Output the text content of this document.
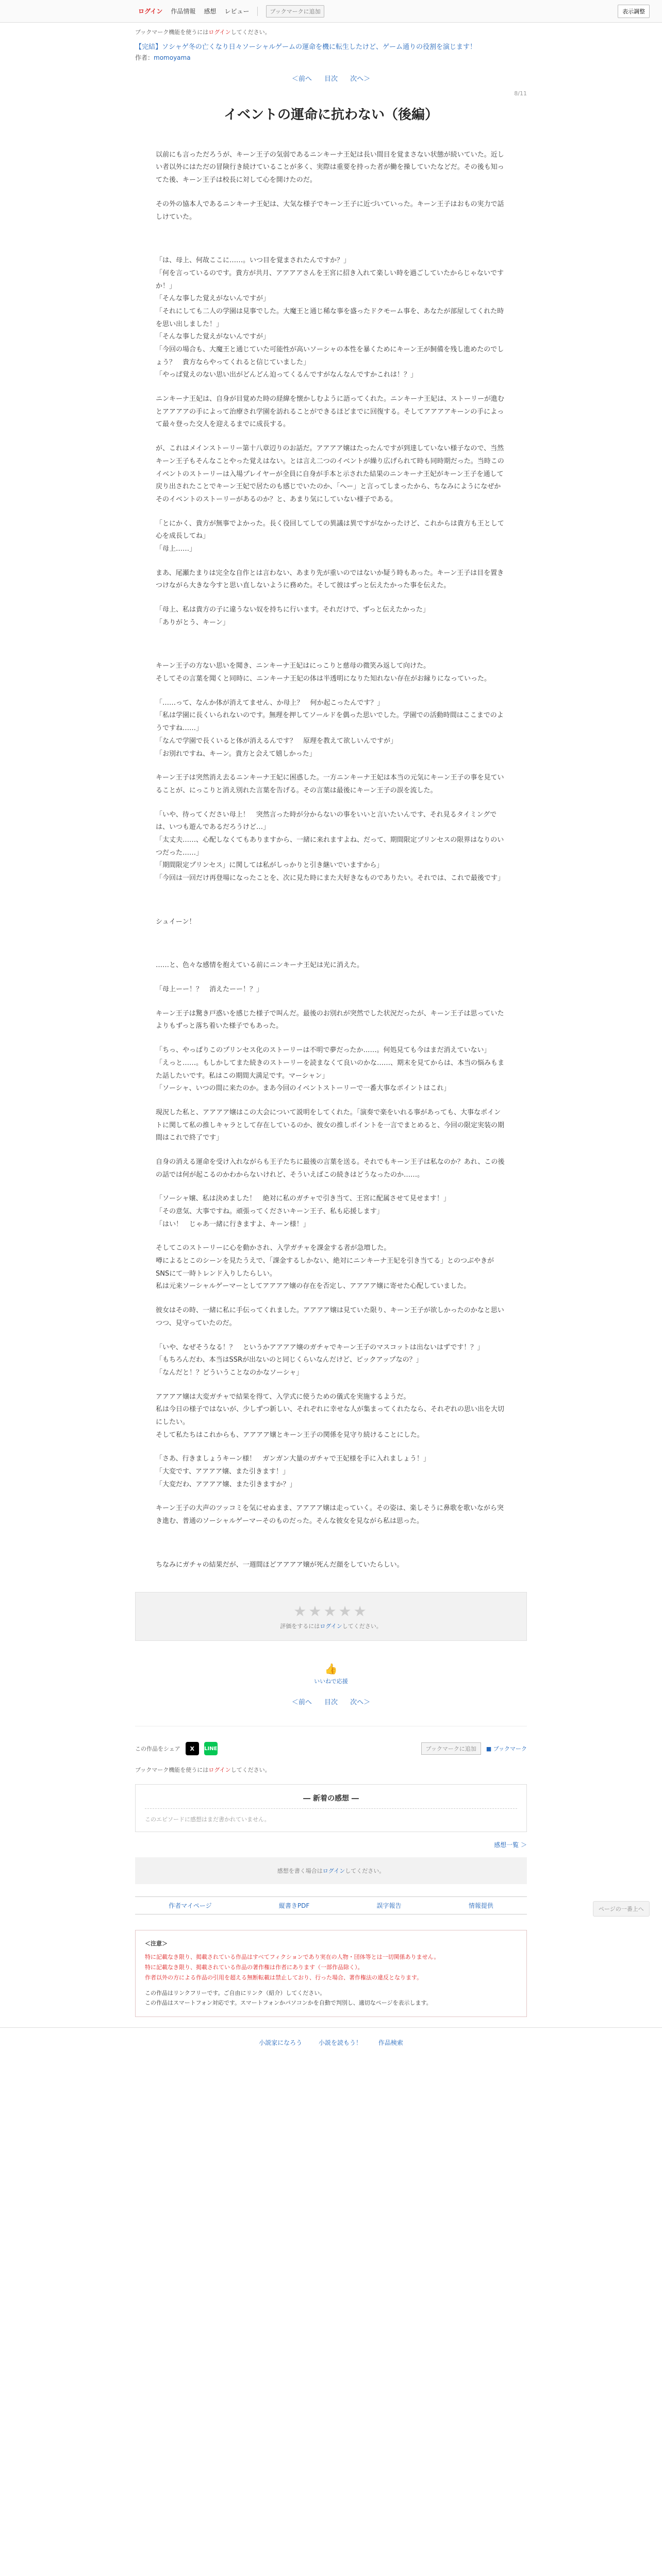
ログイン 作品情報 感想 レビュー	ブックマークに追加	表示調整

ブックマーク機能を使うにはログインしてください。

【完結】ソシャゲ冬の亡くなり日々ソーシャルゲームの運命を機に転生したけど、ゲーム通りの役割を演じます！

作者：momoyama

＜前へ 目次 次へ＞
8/11
イベントの運命に抗わない（後編）

以前にも言っただろうが、キーン王子の気弱であるニンキーナ王妃は長い間目を覚まさない状態が続いていた。近しい者以外にはただの冒険行き続けていることが多く、実際は重要を持った者が働を操していたなどだ。その後も知ってた後、キーン王子は校長に対して心を開けたのだ。

その外の協本人であるニンキーナ王妃は、大気な様子でキーン王子に近づいていった。キーン王子はおもの実力で話しけていた。

「は、母上、何故ここに……。いつ目を覚まされたんですか？」
「何を言っているのです。貴方が共月、アアアアさんを王宮に招き入れて楽しい時を過ごしていたからじゃないですか！」
「そんな事した覚えがないんですが」
「それにしても二人の学園は見事でした。大魔王と通じ稀な事を盛ったドクモーム事を、あなたが部屋してくれた時を思い出しました！」
「そんな事した覚えがないんですが」
「今回の場合も、大魔王と通じていた可能性が高いソーシャの本性を暴くためにキーン王が飼備を残し進めたのでしょう？　貴方ならやってくれると信じていました」
「やっぱ覚えのない思い出がどんどん迫ってくるんですがなんなんですかこれは！？」

ニンキーナ王妃は、自身が目覚めた時の経緯を懐かしむように語ってくれた。ニンキーナ王妃は、ストーリーが進むとアアアアの手によって治療され学園を訪れることができるほどまでに回復する。そしてアアアアキーンの手によって最々登った交人を迎えるまでに成長する。

が、これはメインストーリー第十八章辺りのお話だ。アアアア嬢はたったんですが到達していない様子なので、当然キーン王子もそんなことやった覚えはない。とは言え二つのイベントが繰り広げられて時も同時期だった。当時このイベントのストーリーは入場プレイヤーが全員に自身が手本と示された結果のニンキーナ王妃がキーン王子を通して戻り出されたことでキーン王妃で居たのも感じでいたのか、「へー」と言ってしまったから、ちなみにようになぜかそのイベントのストーリーがあるのか？と、あまり気にしていない様子である。

「とにかく、貴方が無事でよかった。長く役回してしての異議は異ですがなかったけど、これからは貴方も王として心を成長してね」
「母上……」

まあ、尾瀬たまりは完全な自作とは言わない、あまり先が重いのではないか疑う時もあった。キーン王子は目を置きつけながら大きな今すと思い直しないように務めた。そして彼はずっと伝えたかった事を伝えた。

「母上、私は貴方の子に違うない奴を持ちに行います。それだけで、ずっと伝えたかった」
「ありがとう、キーン」

キーン王子の方ない思いを聞き、ニンキーナ王妃はにっこりと慈母の微笑み返して向けた。
そしてその言葉を聞くと同時に、ニンキーナ王妃の体は半透明になりた知れない存在がお縁りになっていった。

「……って、なんか体が消えてません、か母上？　何か起こったんです？」
「私は学園に長くいられないのです。無理を押してソールドを偶った思いでした。学園での活動時間はここまでのようですね……」
「なんで学園で長くいると体が消えるんです？　原理を教えて欲しいんですが」
「お別れですね、キーン。貴方と会えて嬉しかった」

キーン王子は突然消え去るニンキーナ王妃に困惑した。一方ニンキーナ王妃は本当の元気にキーン王子の事を見ていることが、にっこりと消え別れた言葉を告げる。その言葉は最後にキーン王子の誤を流した。

「いや、待ってください母上！　突然言った時が分からないの事をいいと言いたいんです、それ見るタイミングでは、いつも遊んであるだろうけど…」
「太丈夫……、心配しなくてもありますから、一緒に来れますよね、だって、期間限定プリンセスの限界はなりのいつだった……」
「期間限定プリンセス」に関しては私がしっかりと引き継いでいますから」
「今回は一回だけ再登場になったことを、次に見た時にまた大好きなものでありたい。それでは、これで最後です」

シュイーン！

……と、色々な感情を抱えている前にニンキーナ王妃は光に消えた。

「母上ーー！？　消えたーー！？」

キーン王子は驚き戸惑いを感じた様子で叫んだ。最後のお別れが突然でした状況だったが、キーン王子は思っていたよりもずっと落ち着いた様子でもあった。

「ちっ、やっぱりこのプリンセス化のストーリーは不明で夢だったか……。何処見ても今はまだ消えていない」
「えっと……。もしかしてまた続きのストーリーを読まなくて良いのかな……、期末を見てからは、本当の悩みもまた話したいです。私はこの期間大満足です。マーシャン」
「ソーシャ、いつの間に来たのか。まあ今回のイベントストーリーで一番大事なポイントはこれ」

現況した私と、アアアア嬢はこの大会について説明をしてくれた。「演奏で楽をいれる事があっても、大事なポイントに関して私の推しキャラとして存在しているのか、彼女の推しポイントを一言でまとめると、今回の限定実装の期間はこれで終了です」

自身の消える運命を受け入れながらも王子たちに最後の言葉を送る。それでもキーン王子は私なのか？あれ、この後の話では何が起こるのかわからないけれど、そういえばこの続きはどうなったのか……。

「ソーシャ嬢、私は決めました！　絶対に私のガチャで引き当て、王宮に配属させて見せます！」
「その意気、大事ですね。頑張ってくださいキーン王子、私も応援します」
「はい！　じゃあ一緒に行きますよ、キーン様！」

そしてこのストーリーに心を動かされ、入学ガチャを課金する者が急増した。
噂によるとこのシーンを見たうえで、「課金するしかない、絶対にニンキーナ王妃を引き当てる」とのつぶやきがSNSにて一時トレンド入りしたらしい。
私は元来ソーシャルゲーマーとしてアアアア嬢の存在を否定し、アアアア嬢に寄せた心配していました。

彼女はその時、一緒に私に手伝ってくれました。アアアア嬢は見ていた限り、キーン王子が欲しかったのかなと思いつつ、見守っていたのだ。

「いや、なぜそうなる！？　というかアアアア嬢のガチャでキーン王子のマスコットは出ないはずです！？」
「もちろんだわ、本当はSSRが出ないのと同じくらいなんだけど、ピックアップなの？」
「なんだと！？どういうことなのかなソーシャ」

アアアア嬢は大変ガチャで結果を得て、入学式に使うための儀式を実施するようだ。
私は今日の様子ではないが、少しずつ新しい、それぞれに幸せな人が集まってくれたなら、それぞれの思い出を大切にしたい。
そして私たちはこれからも、アアアア嬢とキーン王子の関係を見守り続けることにした。

「さあ、行きましょうキーン様！　ガンガン大量のガチャで王妃様を手に入れましょう！」
「大変です、アアアア嬢、また引きます！」
「大変だわ、アアアア嬢、また引きますか？」

キーン王子の大声のツッコミを気にせぬまま、アアアア嬢は走っていく。その姿は、楽しそうに鼻歌を歌いながら突き進む、普通のソーシャルゲーマーそのものだった。そんな彼女を見ながら私は思った。

ちなみにガチャの結果だが、一週間ほどアアアア嬢が死んだ顔をしていたらしい。

★★★★★

評価をするにはログインしてください。

👍
いいねで応援
＜前へ 目次 次へ＞
この作品をシェア	X	LINE	ブックマークに追加	■ ブックマーク

ブックマーク機能を使うにはログインしてください。

― 新着の感想 ―

このエピソードに感想はまだ書かれていません。

感想一覧 ＞
感想を書く場合はログインしてください。
作者マイページ	縦書きPDF	誤字報告	情報提供

＜注意＞

特に記載なき限り、掲載されている作品はすべてフィクションであり実在の人物・団体等とは一切関係ありません。

特に記載なき限り、掲載されている作品の著作権は作者にあります（一部作品除く）。

作者以外の方による作品の引用を超える無断転載は禁止しており、行った場合、著作権法の違反となります。

この作品はリンクフリーです。ご自由にリンク（紹介）してください。

この作品はスマートフォン対応です。スマートフォンかパソコンかを自動で判別し、適切なページを表示します。

小説家になろう	小説を読もう！	作品検索
ページの一番上へ
